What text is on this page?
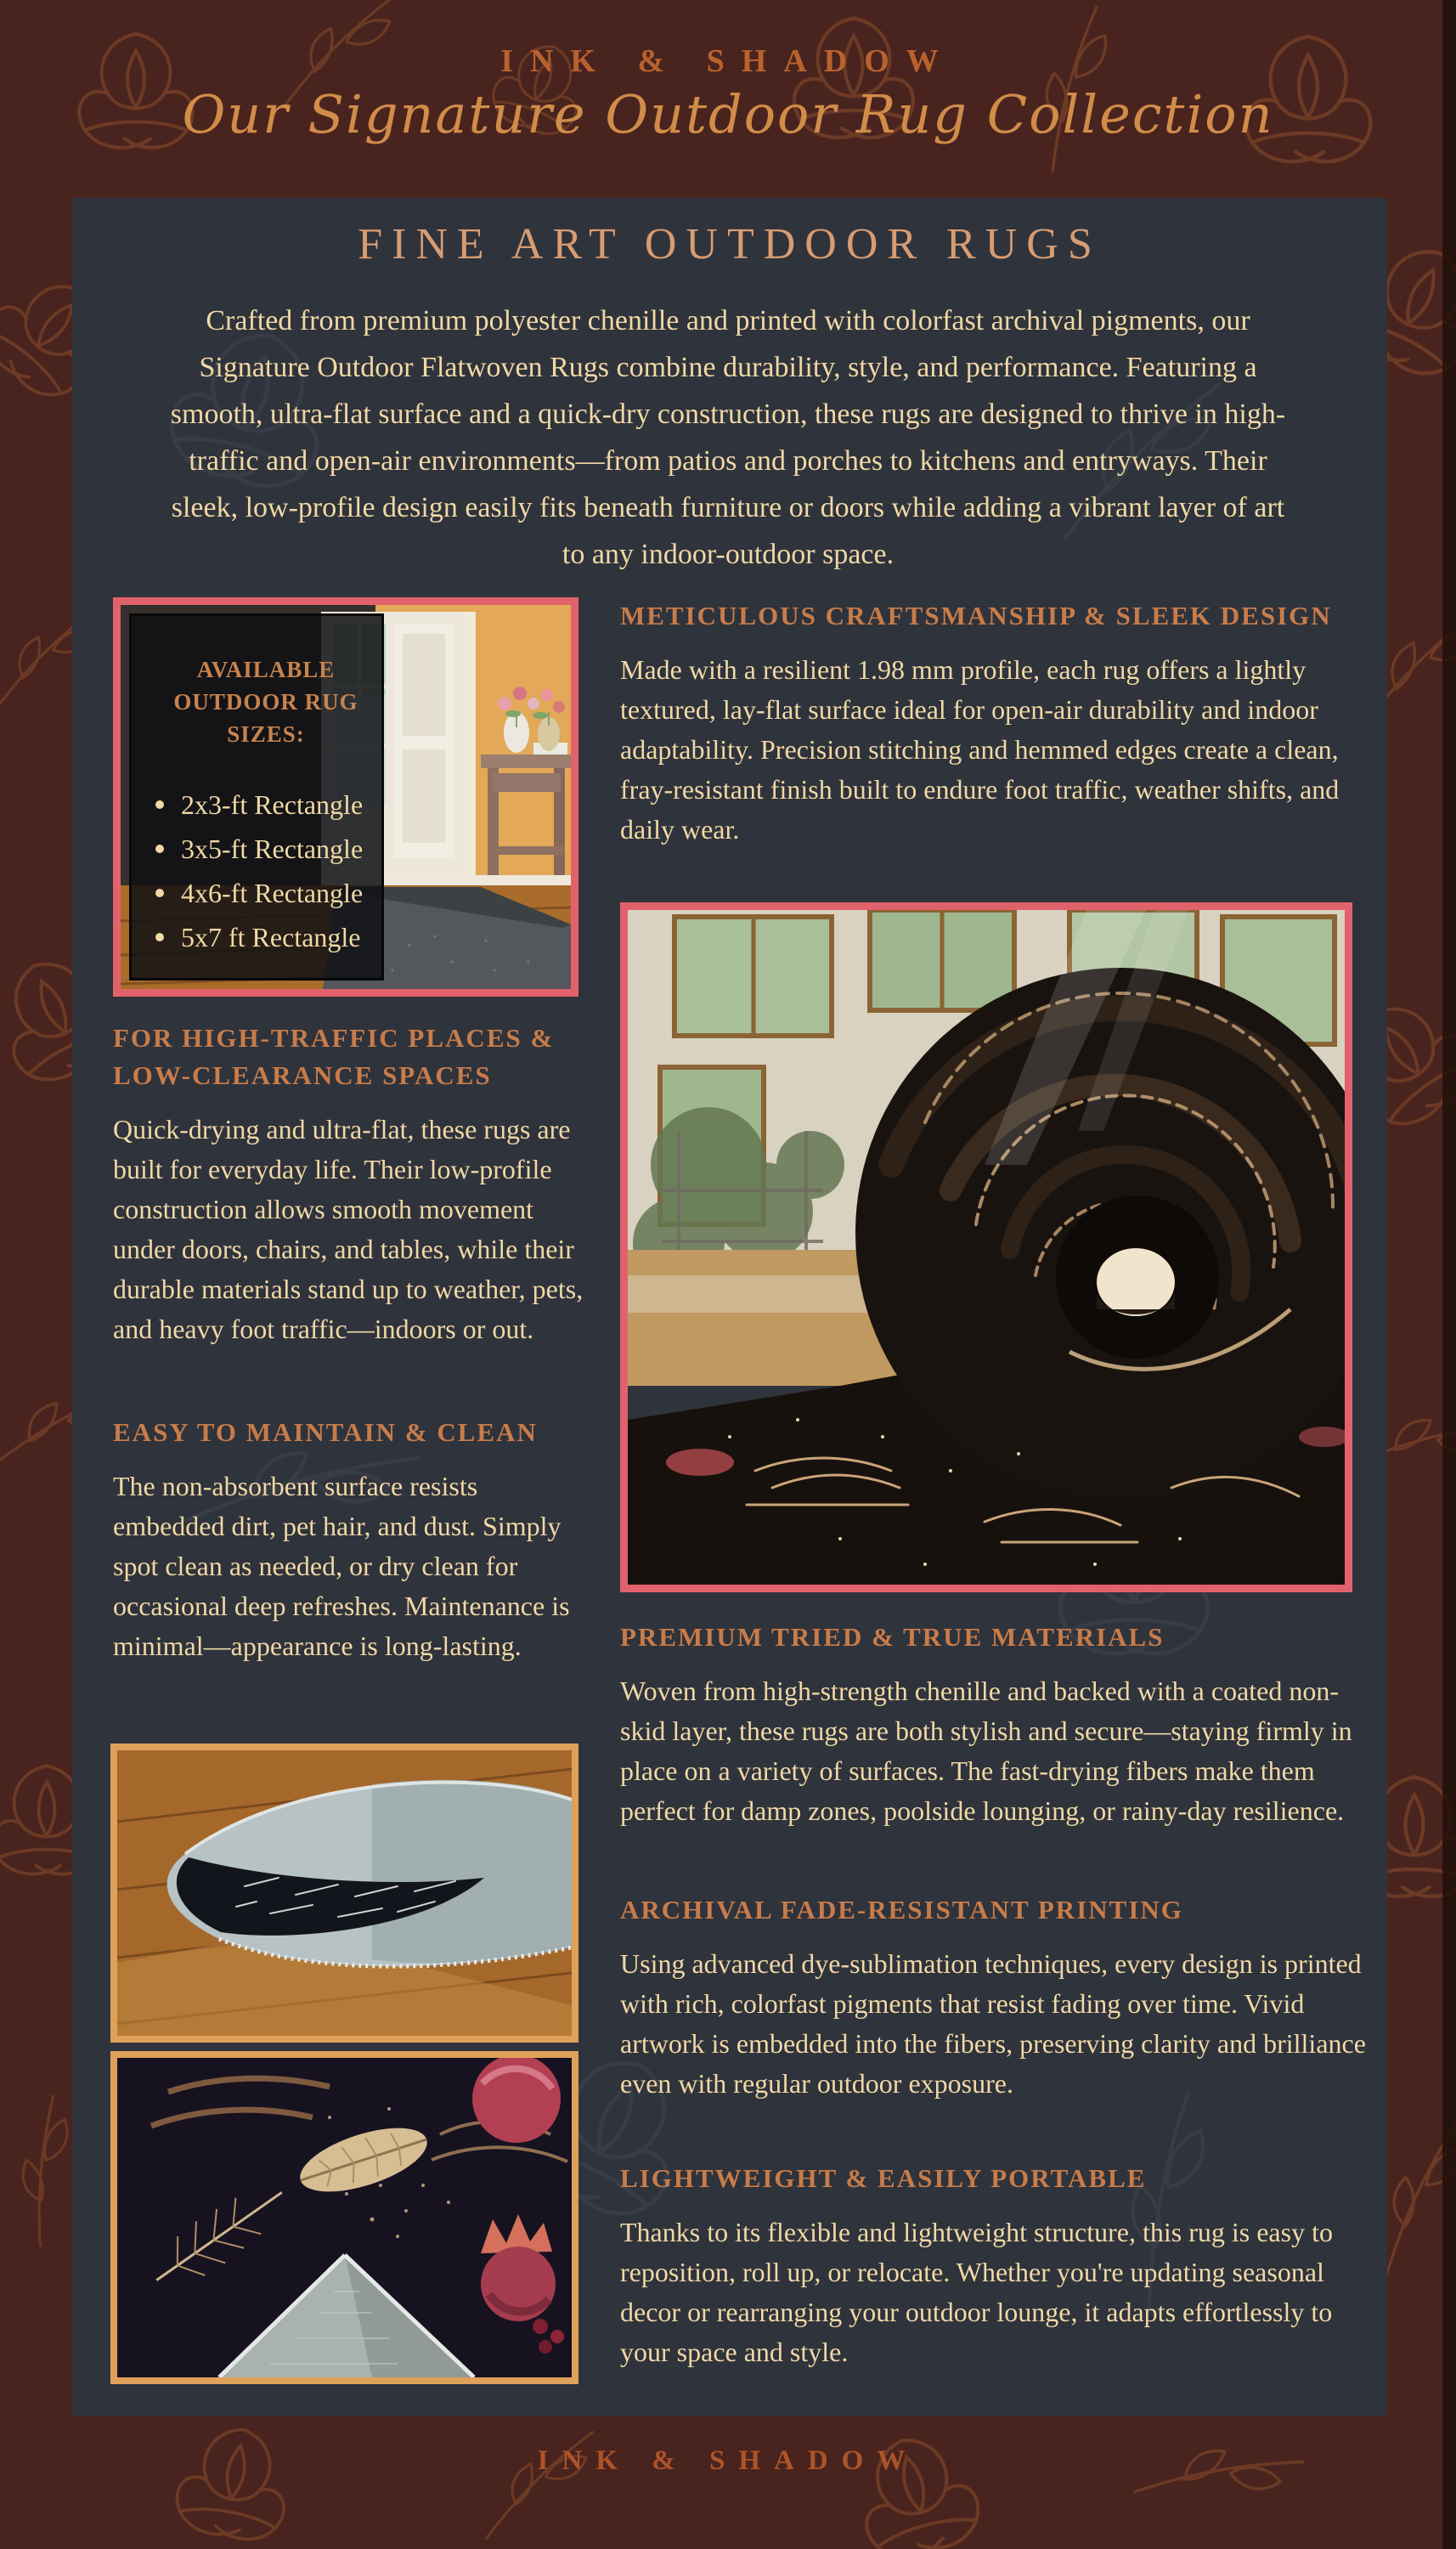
INK & SHADOW
Our Signature Outdoor Rug Collection
FINE ART OUTDOOR RUGS

Crafted from premium polyester chenille and printed with colorfast archival pigments, our Signature Outdoor Flatwoven Rugs combine durability, style, and performance. Featuring a smooth, ultra-flat surface and a quick-dry construction, these rugs are designed to thrive in high-traffic and open-air environments—from patios and porches to kitchens and entryways. Their sleek, low-profile design easily fits beneath furniture or doors while adding a vibrant layer of art to any indoor-outdoor space.

AVAILABLE OUTDOOR RUG SIZES:
2x3-ft Rectangle
3x5-ft Rectangle
4x6-ft Rectangle
5x7 ft Rectangle
METICULOUS CRAFTSMANSHIP & SLEEK DESIGN

Made with a resilient 1.98 mm profile, each rug offers a lightly textured, lay-flat surface ideal for open-air durability and indoor adaptability. Precision stitching and hemmed edges create a clean, fray-resistant finish built to endure foot traffic, weather shifts, and daily wear.

FOR HIGH-TRAFFIC PLACES & LOW-CLEARANCE SPACES

Quick-drying and ultra-flat, these rugs are built for everyday life. Their low-profile construction allows smooth movement under doors, chairs, and tables, while their durable materials stand up to weather, pets, and heavy foot traffic—indoors or out.

EASY TO MAINTAIN & CLEAN

The non-absorbent surface resists embedded dirt, pet hair, and dust. Simply spot clean as needed, or dry clean for occasional deep refreshes. Maintenance is minimal—appearance is long-lasting.	PREMIUM TRIED & TRUE MATERIALS

Woven from high-strength chenille and backed with a coated non-skid layer, these rugs are both stylish and secure—staying firmly in place on a variety of surfaces. The fast-drying fibers make them perfect for damp zones, poolside lounging, or rainy-day resilience.

ARCHIVAL FADE-RESISTANT PRINTING

Using advanced dye-sublimation techniques, every design is printed with rich, colorfast pigments that resist fading over time. Vivid artwork is embedded into the fibers, preserving clarity and brilliance even with regular outdoor exposure.

LIGHTWEIGHT & EASILY PORTABLE

Thanks to its flexible and lightweight structure, this rug is easy to reposition, roll up, or relocate. Whether you're updating seasonal decor or rearranging your outdoor lounge, it adapts effortlessly to your space and style.

INK & SHADOW
